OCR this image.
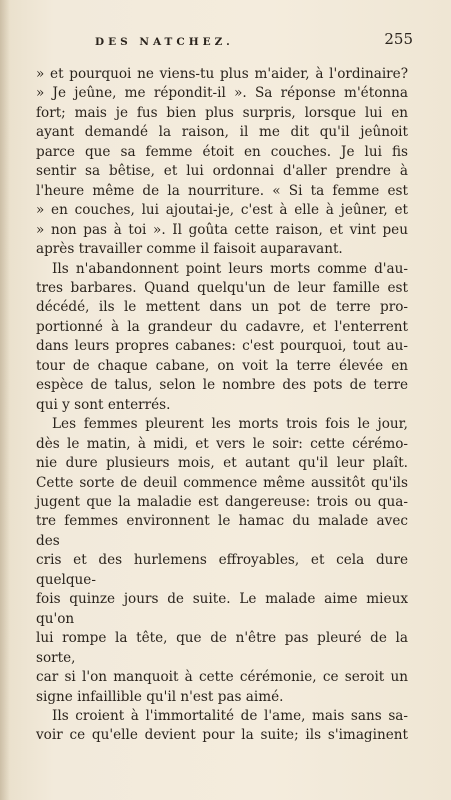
DES NATCHEZ.	255

» et pourquoi ne viens-tu plus m'aider, à l'ordinaire?

» Je jeûne, me répondit-il ». Sa réponse m'étonna

fort; mais je fus bien plus surpris, lorsque lui en

ayant demandé la raison, il me dit qu'il jeûnoit

parce que sa femme étoit en couches. Je lui fis

sentir sa bêtise, et lui ordonnai d'aller prendre à

l'heure même de la nourriture. « Si ta femme est

» en couches, lui ajoutai-je, c'est à elle à jeûner, et

» non pas à toi ». Il goûta cette raison, et vint peu

après travailler comme il faisoit auparavant.

Ils n'abandonnent point leurs morts comme d'au-

tres barbares. Quand quelqu'un de leur famille est

décédé, ils le mettent dans un pot de terre pro-

portionné à la grandeur du cadavre, et l'enterrent

dans leurs propres cabanes: c'est pourquoi, tout au-

tour de chaque cabane, on voit la terre élevée en

espèce de talus, selon le nombre des pots de terre

qui y sont enterrés.

Les femmes pleurent les morts trois fois le jour,

dès le matin, à midi, et vers le soir: cette cérémo-

nie dure plusieurs mois, et autant qu'il leur plaît.

Cette sorte de deuil commence même aussitôt qu'ils

jugent que la maladie est dangereuse: trois ou qua-

tre femmes environnent le hamac du malade avec des

cris et des hurlemens effroyables, et cela dure quelque-

fois quinze jours de suite. Le malade aime mieux qu'on

lui rompe la tête, que de n'être pas pleuré de la sorte,

car si l'on manquoit à cette cérémonie, ce seroit un

signe infaillible qu'il n'est pas aimé.

Ils croient à l'immortalité de l'ame, mais sans sa-

voir ce qu'elle devient pour la suite; ils s'imaginent
